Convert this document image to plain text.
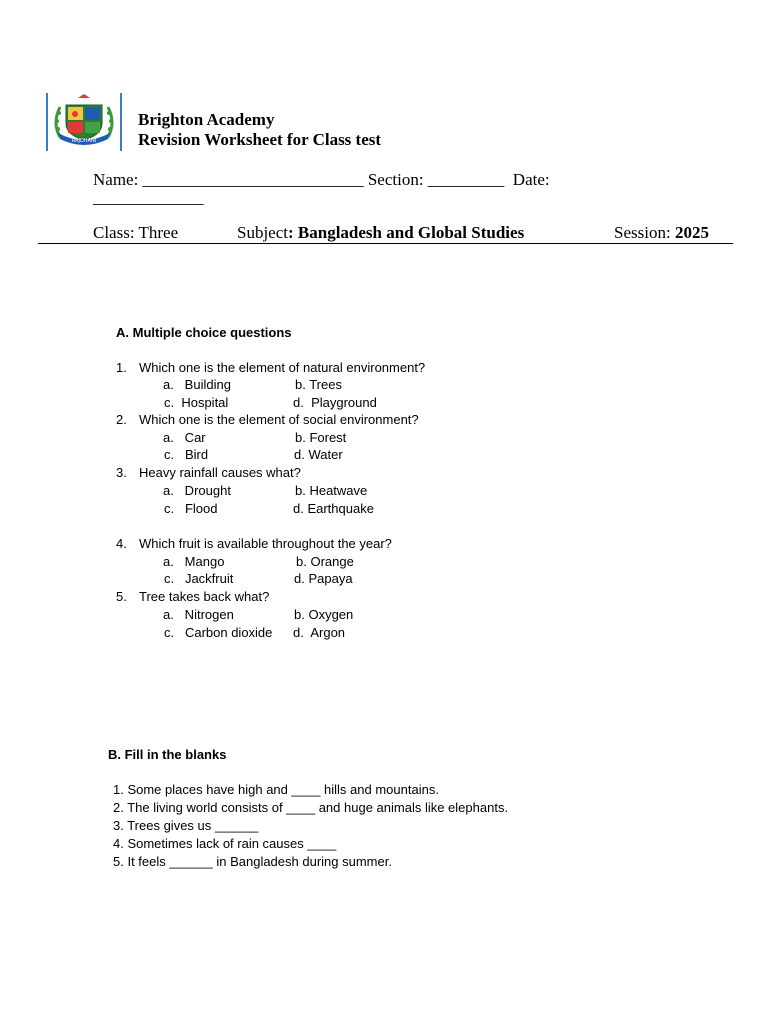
RAJDHANI
Brighton Academy
Revision Worksheet for Class test
Name: __________________________ Section: _________ Date:
_____________
Class: Three	Subject: Bangladesh and Global Studies	Session: 2025
A. Multiple choice questions
1. Which one is the element of natural environment?
a.   Building	b. Trees
c.  Hospital	d.  Playground
2. Which one is the element of social environment?
a.   Car	b. Forest
c.   Bird	d. Water
3. Heavy rainfall causes what?
a.   Drought	b. Heatwave
c.   Flood	d. Earthquake
4. Which fruit is available throughout the year?
a.   Mango	b. Orange
c.   Jackfruit	d. Papaya
5. Tree takes back what?
a.   Nitrogen	b. Oxygen
c.   Carbon dioxide d.  Argon
B. Fill in the blanks
1. Some places have high and ____ hills and mountains.
2. The living world consists of ____ and huge animals like elephants.
3. Trees gives us ______
4. Sometimes lack of rain causes ____
5. It feels ______ in Bangladesh during summer.
